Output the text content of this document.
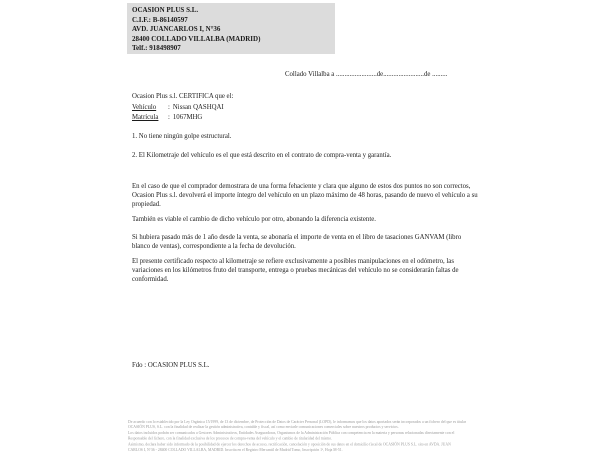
OCASION PLUS S.L.
C.I.F.: B-86140597
AVD. JUANCARLOS I, N°36
28400 COLLADO VILLALBA (MADRID)
Telf.: 918498907
Collado Villalba a ........................de........................de .........
Ocasion Plus s.l. CERTIFICA que el:
Vehículo : Nissan QASHQAI
Matrícula : 1067MHG
1. No tiene ningún golpe estructural.
2. El Kilometraje del vehículo es el que está descrito en el contrato de compra-venta y garantía.
En el caso de que el comprador demostrara de una forma fehaciente y clara que alguno de estos dos puntos no son correctos, Ocasion Plus s.l. devolverá el importe íntegro del vehículo en un plazo máximo de 48 horas, pasando de nuevo el vehículo a su propiedad.
También es viable el cambio de dicho vehículo por otro, abonando la diferencia existente.
Si hubiera pasado más de 1 año desde la venta, se abonaría el importe de venta en el libro de tasaciones GANVAM (libro blanco de ventas), correspondiente a la fecha de devolución.
El presente certificado respecto al kilometraje se refiere exclusivamente a posibles manipulaciones en el odómetro, las variaciones en los kilómetros fruto del transporte, entrega o pruebas mecánicas del vehículo no se considerarán faltas de conformidad.
Fdo : OCASION PLUS S.L.
De acuerdo con lo establecido por la Ley Orgánica 15/1999, de 13 de diciembre, de Protección de Datos de Carácter Personal (LOPD), le informamos que los datos aportados serán incorporados a un fichero del que es titular
OCASIÓN PLUS, S.L. con la finalidad de realizar la gestión administrativa, contable y fiscal, así como enviarle comunicaciones comerciales sobre nuestros productos y servicios.
Los datos incluidos podrán ser comunicados a Gestores Administrativos, Entidades Aseguradoras, Organismos de la Administración Pública con competencia en la materia y personas relacionadas directamente con el
Responsable del fichero, con la finalidad exclusiva de los procesos de compra-venta del vehículo y el cambio de titularidad del mismo.
Asimismo, declara haber sido informado de la posibilidad de ejercer los derechos de acceso, rectificación, cancelación y oposición de sus datos en el domicilio fiscal de OCASIÓN PLUS S.L. sito en AVDA. JUAN
CARLOS I, Nº36 - 28400 COLLADO VILLALBA, MADRID. Inscrita en el Registro Mercantil de Madrid Tomo, Inscripción 1ª, Hoja M-51.
